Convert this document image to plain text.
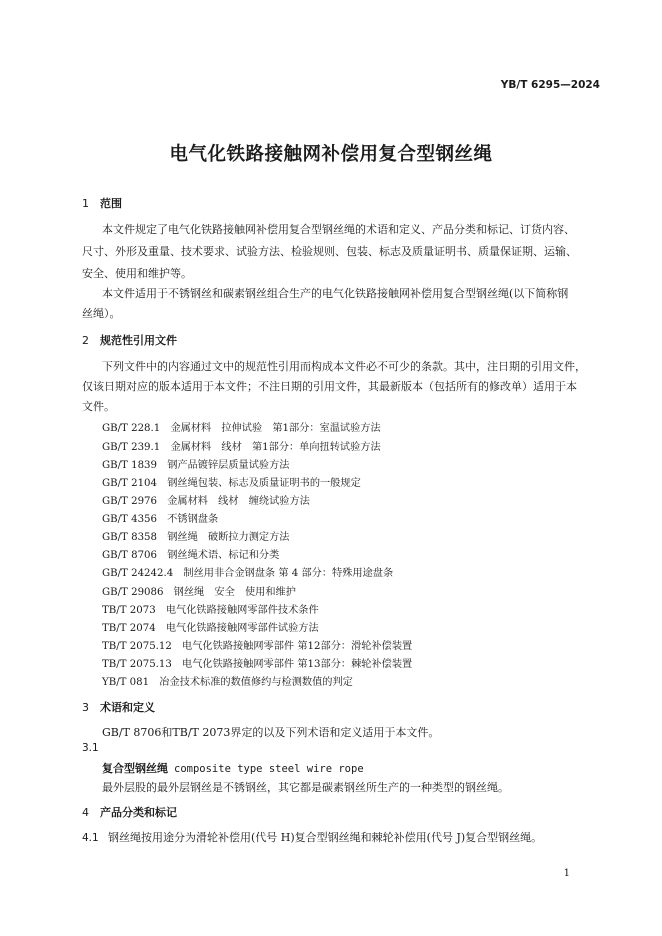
YB/T 6295—2024
电气化铁路接触网补偿用复合型钢丝绳
1 范围
本文件规定了电气化铁路接触网补偿用复合型钢丝绳的术语和定义、产品分类和标记、订货内容、
尺寸、外形及重量、技术要求、试验方法、检验规则、包装、标志及质量证明书、质量保证期、运输、
安全、使用和维护等。
本文件适用于不锈钢丝和碳素钢丝组合生产的电气化铁路接触网补偿用复合型钢丝绳(以下简称钢
丝绳）。
2 规范性引用文件
下列文件中的内容通过文中的规范性引用而构成本文件必不可少的条款。其中，注日期的引用文件，
仅该日期对应的版本适用于本文件；不注日期的引用文件，其最新版本（包括所有的修改单）适用于本
文件。
GB/T 228.1　金属材料　拉伸试验　第1部分：室温试验方法
GB/T 239.1　金属材料　线材　第1部分：单向扭转试验方法
GB/T 1839　钢产品镀锌层质量试验方法
GB/T 2104　钢丝绳包装、标志及质量证明书的一般规定
GB/T 2976　金属材料　线材　缠绕试验方法
GB/T 4356　不锈钢盘条
GB/T 8358　钢丝绳　破断拉力测定方法
GB/T 8706　钢丝绳术语、标记和分类
GB/T 24242.4　制丝用非合金钢盘条 第 4 部分：特殊用途盘条
GB/T 29086　钢丝绳　安全　使用和维护
TB/T 2073　电气化铁路接触网零部件技术条件
TB/T 2074　电气化铁路接触网零部件试验方法
TB/T 2075.12　电气化铁路接触网零部件 第12部分：滑轮补偿装置
TB/T 2075.13　电气化铁路接触网零部件 第13部分：棘轮补偿装置
YB/T 081　冶金技术标准的数值修约与检测数值的判定
3 术语和定义
GB/T 8706和TB/T 2073界定的以及下列术语和定义适用于本文件。
3.1
复合型钢丝绳 composite type steel wire rope
最外层股的最外层钢丝是不锈钢丝，其它都是碳素钢丝所生产的一种类型的钢丝绳。
4 产品分类和标记
4.1 钢丝绳按用途分为滑轮补偿用(代号 H)复合型钢丝绳和棘轮补偿用(代号 J)复合型钢丝绳。
1
